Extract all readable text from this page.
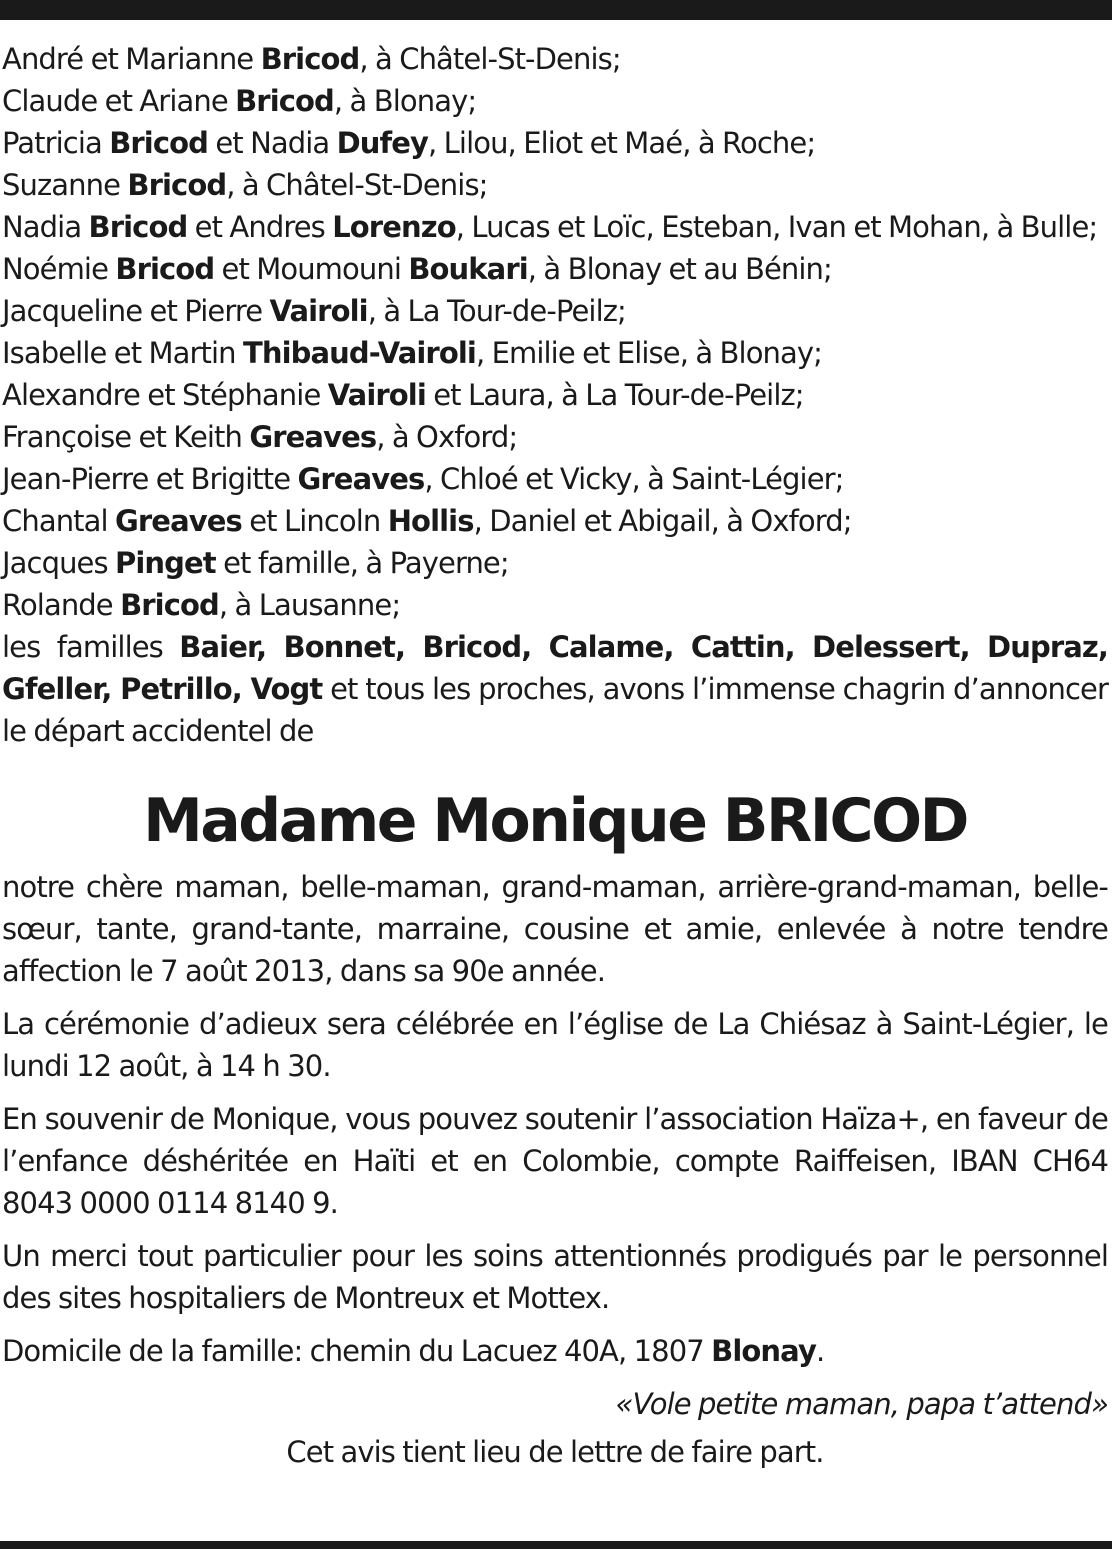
André et Marianne Bricod, à Châtel-St-Denis;
Claude et Ariane Bricod, à Blonay;
Patricia Bricod et Nadia Dufey, Lilou, Eliot et Maé, à Roche;
Suzanne Bricod, à Châtel-St-Denis;
Nadia Bricod et Andres Lorenzo, Lucas et Loïc, Esteban, Ivan et Mohan, à Bulle;
Noémie Bricod et Moumouni Boukari, à Blonay et au Bénin;
Jacqueline et Pierre Vairoli, à La Tour-de-Peilz;
Isabelle et Martin Thibaud-Vairoli, Emilie et Elise, à Blonay;
Alexandre et Stéphanie Vairoli et Laura, à La Tour-de-Peilz;
Françoise et Keith Greaves, à Oxford;
Jean-Pierre et Brigitte Greaves, Chloé et Vicky, à Saint-Légier;
Chantal Greaves et Lincoln Hollis, Daniel et Abigail, à Oxford;
Jacques Pinget et famille, à Payerne;
Rolande Bricod, à Lausanne;
les familles Baier, Bonnet, Bricod, Calame, Cattin, Delessert, Dupraz, Gfeller, Petrillo, Vogt et tous les proches, avons l’immense chagrin d’annoncer le départ accidentel de
Madame Monique BRICOD

notre chère maman, belle-maman, grand-maman, arrière-grand-maman, belle-sœur, tante, grand-tante, marraine, cousine et amie, enlevée à notre tendre affection le 7 août 2013, dans sa 90e année.

La cérémonie d’adieux sera célébrée en l’église de La Chiésaz à Saint-Légier, le lundi 12 août, à 14 h 30.

En souvenir de Monique, vous pouvez soutenir l’association Haïza+, en faveur de l’enfance déshéritée en Haïti et en Colombie, compte Raiffeisen, IBAN CH64 8043 0000 0114 8140 9.

Un merci tout particulier pour les soins attentionnés prodigués par le personnel des sites hospitaliers de Montreux et Mottex.

Domicile de la famille: chemin du Lacuez 40A, 1807 Blonay.

«Vole petite maman, papa t’attend»

Cet avis tient lieu de lettre de faire part.
